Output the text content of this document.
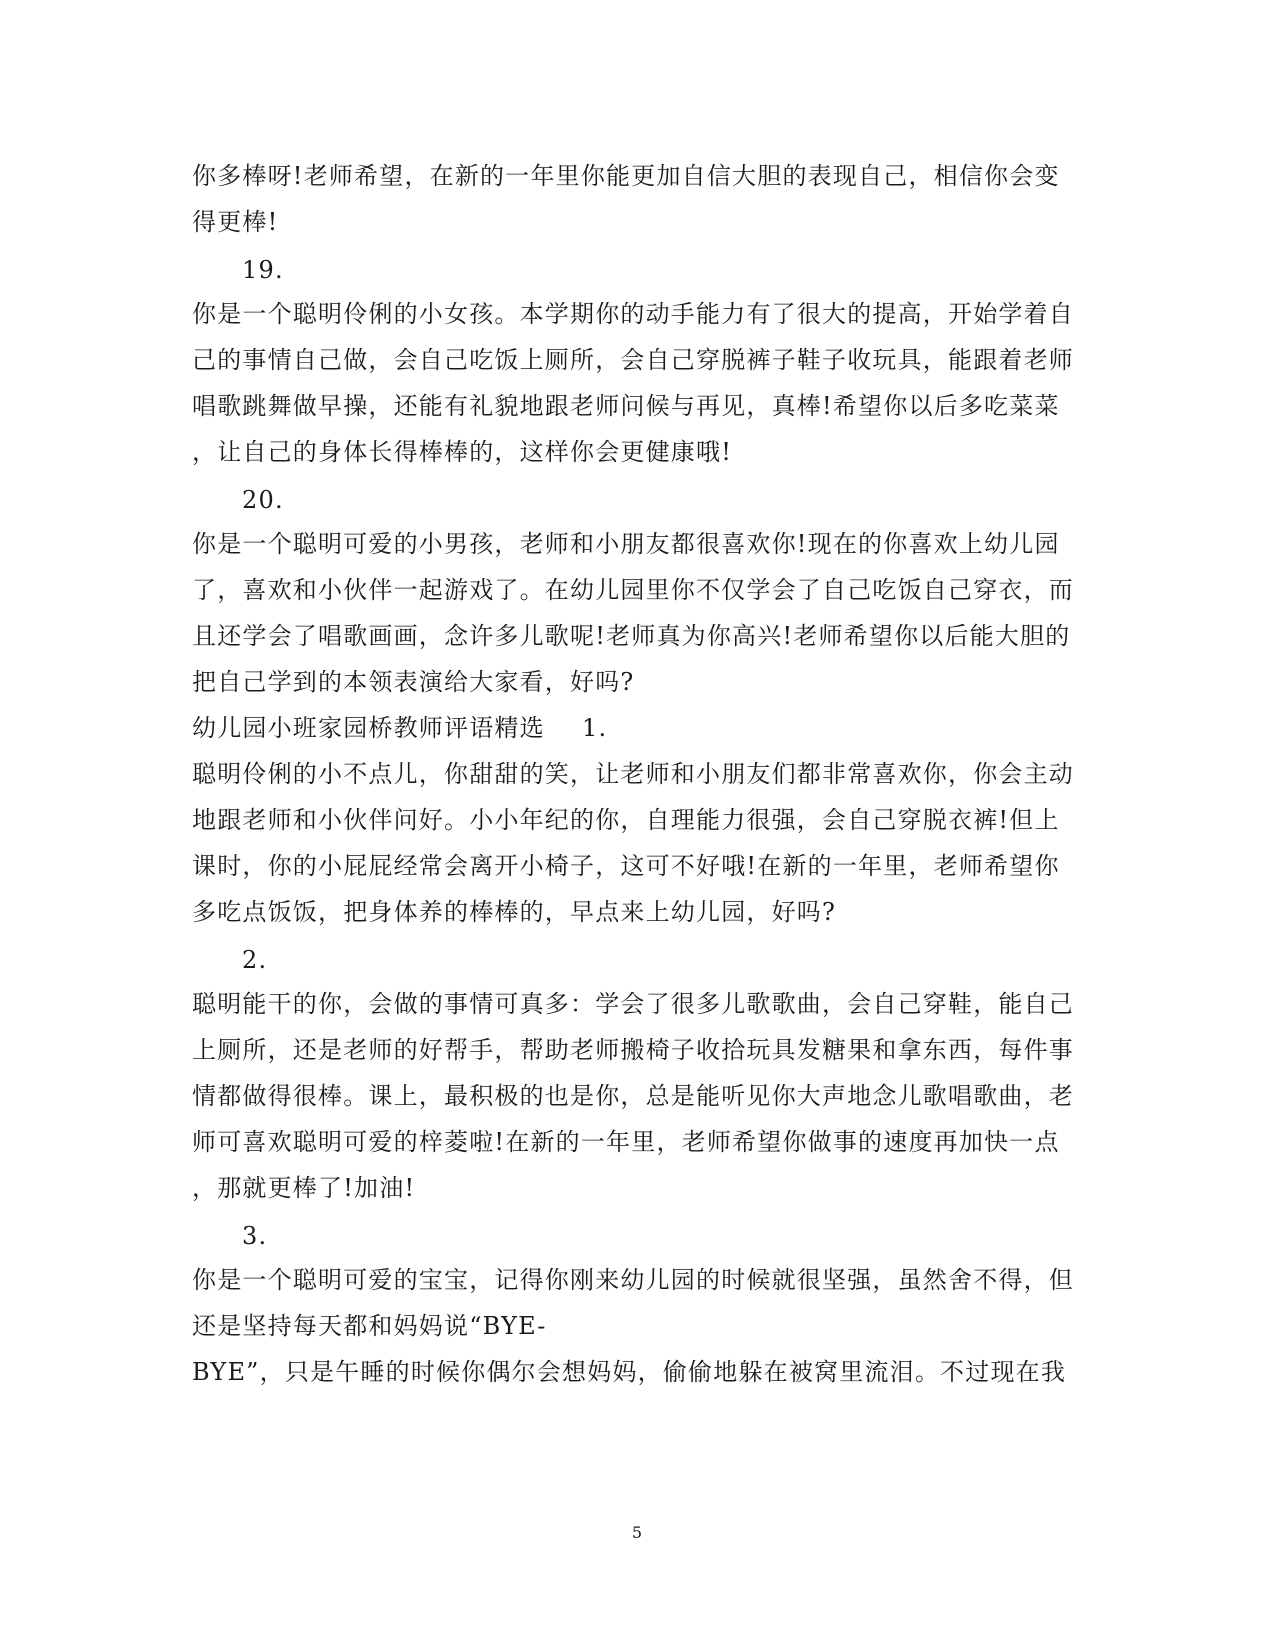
你多棒呀!老师希望，在新的一年里你能更加自信大胆的表现自己，相信你会变
得更棒!
19.
你是一个聪明伶俐的小女孩。本学期你的动手能力有了很大的提高，开始学着自
己的事情自己做，会自己吃饭上厕所，会自己穿脱裤子鞋子收玩具，能跟着老师
唱歌跳舞做早操，还能有礼貌地跟老师问候与再见，真棒!希望你以后多吃菜菜
，让自己的身体长得棒棒的，这样你会更健康哦!
20.
你是一个聪明可爱的小男孩，老师和小朋友都很喜欢你!现在的你喜欢上幼儿园
了，喜欢和小伙伴一起游戏了。在幼儿园里你不仅学会了自己吃饭自己穿衣，而
且还学会了唱歌画画，念许多儿歌呢!老师真为你高兴!老师希望你以后能大胆的
把自己学到的本领表演给大家看，好吗?
幼儿园小班家园桥教师评语精选 1.
聪明伶俐的小不点儿，你甜甜的笑，让老师和小朋友们都非常喜欢你，你会主动
地跟老师和小伙伴问好。小小年纪的你，自理能力很强，会自己穿脱衣裤!但上
课时，你的小屁屁经常会离开小椅子，这可不好哦!在新的一年里，老师希望你
多吃点饭饭，把身体养的棒棒的，早点来上幼儿园，好吗?
2.
聪明能干的你，会做的事情可真多：学会了很多儿歌歌曲，会自己穿鞋，能自己
上厕所，还是老师的好帮手，帮助老师搬椅子收拾玩具发糖果和拿东西，每件事
情都做得很棒。课上，最积极的也是你，总是能听见你大声地念儿歌唱歌曲，老
师可喜欢聪明可爱的梓菱啦!在新的一年里，老师希望你做事的速度再加快一点
，那就更棒了!加油!
3.
你是一个聪明可爱的宝宝，记得你刚来幼儿园的时候就很坚强，虽然舍不得，但
还是坚持每天都和妈妈说“BYE-
BYE”，只是午睡的时候你偶尔会想妈妈，偷偷地躲在被窝里流泪。不过现在我
5
